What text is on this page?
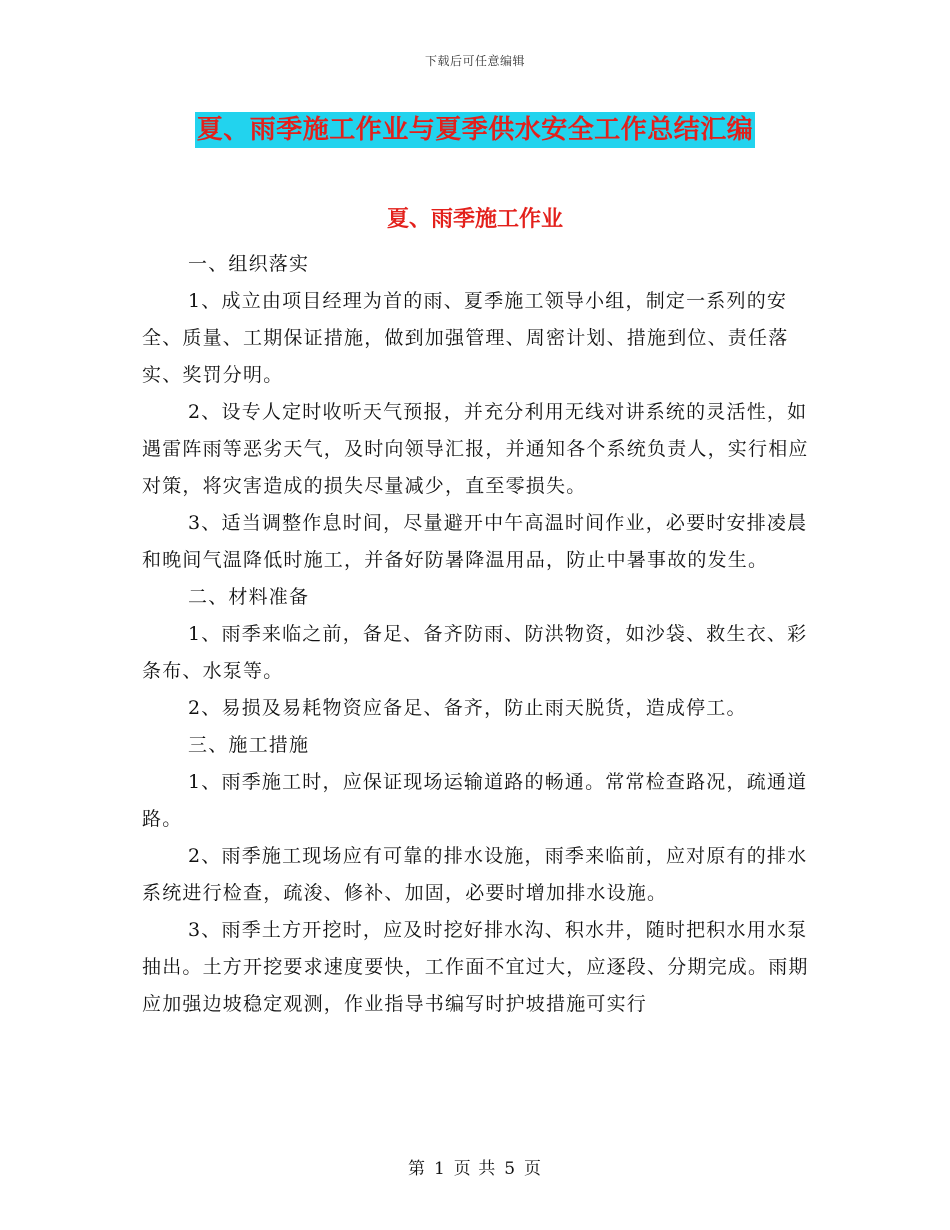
下载后可任意编辑
夏、雨季施工作业与夏季供水安全工作总结汇编
夏、雨季施工作业

一、组织落实

1、成立由项目经理为首的雨、夏季施工领导小组，制定一系列的安全、质量、工期保证措施，做到加强管理、周密计划、措施到位、责任落实、奖罚分明。

2、设专人定时收听天气预报，并充分利用无线对讲系统的灵活性，如遇雷阵雨等恶劣天气，及时向领导汇报，并通知各个系统负责人，实行相应对策，将灾害造成的损失尽量减少，直至零损失。

3、适当调整作息时间，尽量避开中午高温时间作业，必要时安排凌晨和晚间气温降低时施工，并备好防暑降温用品，防止中暑事故的发生。

二、材料准备

1、雨季来临之前，备足、备齐防雨、防洪物资，如沙袋、救生衣、彩条布、水泵等。

2、易损及易耗物资应备足、备齐，防止雨天脱货，造成停工。

三、施工措施

1、雨季施工时，应保证现场运输道路的畅通。常常检查路况，疏通道路。

2、雨季施工现场应有可靠的排水设施，雨季来临前，应对原有的排水系统进行检查，疏浚、修补、加固，必要时增加排水设施。

3、雨季土方开挖时，应及时挖好排水沟、积水井，随时把积水用水泵抽出。土方开挖要求速度要快，工作面不宜过大，应逐段、分期完成。雨期应加强边坡稳定观测，作业指导书编写时护坡措施可实行

第 1 页 共 5 页
